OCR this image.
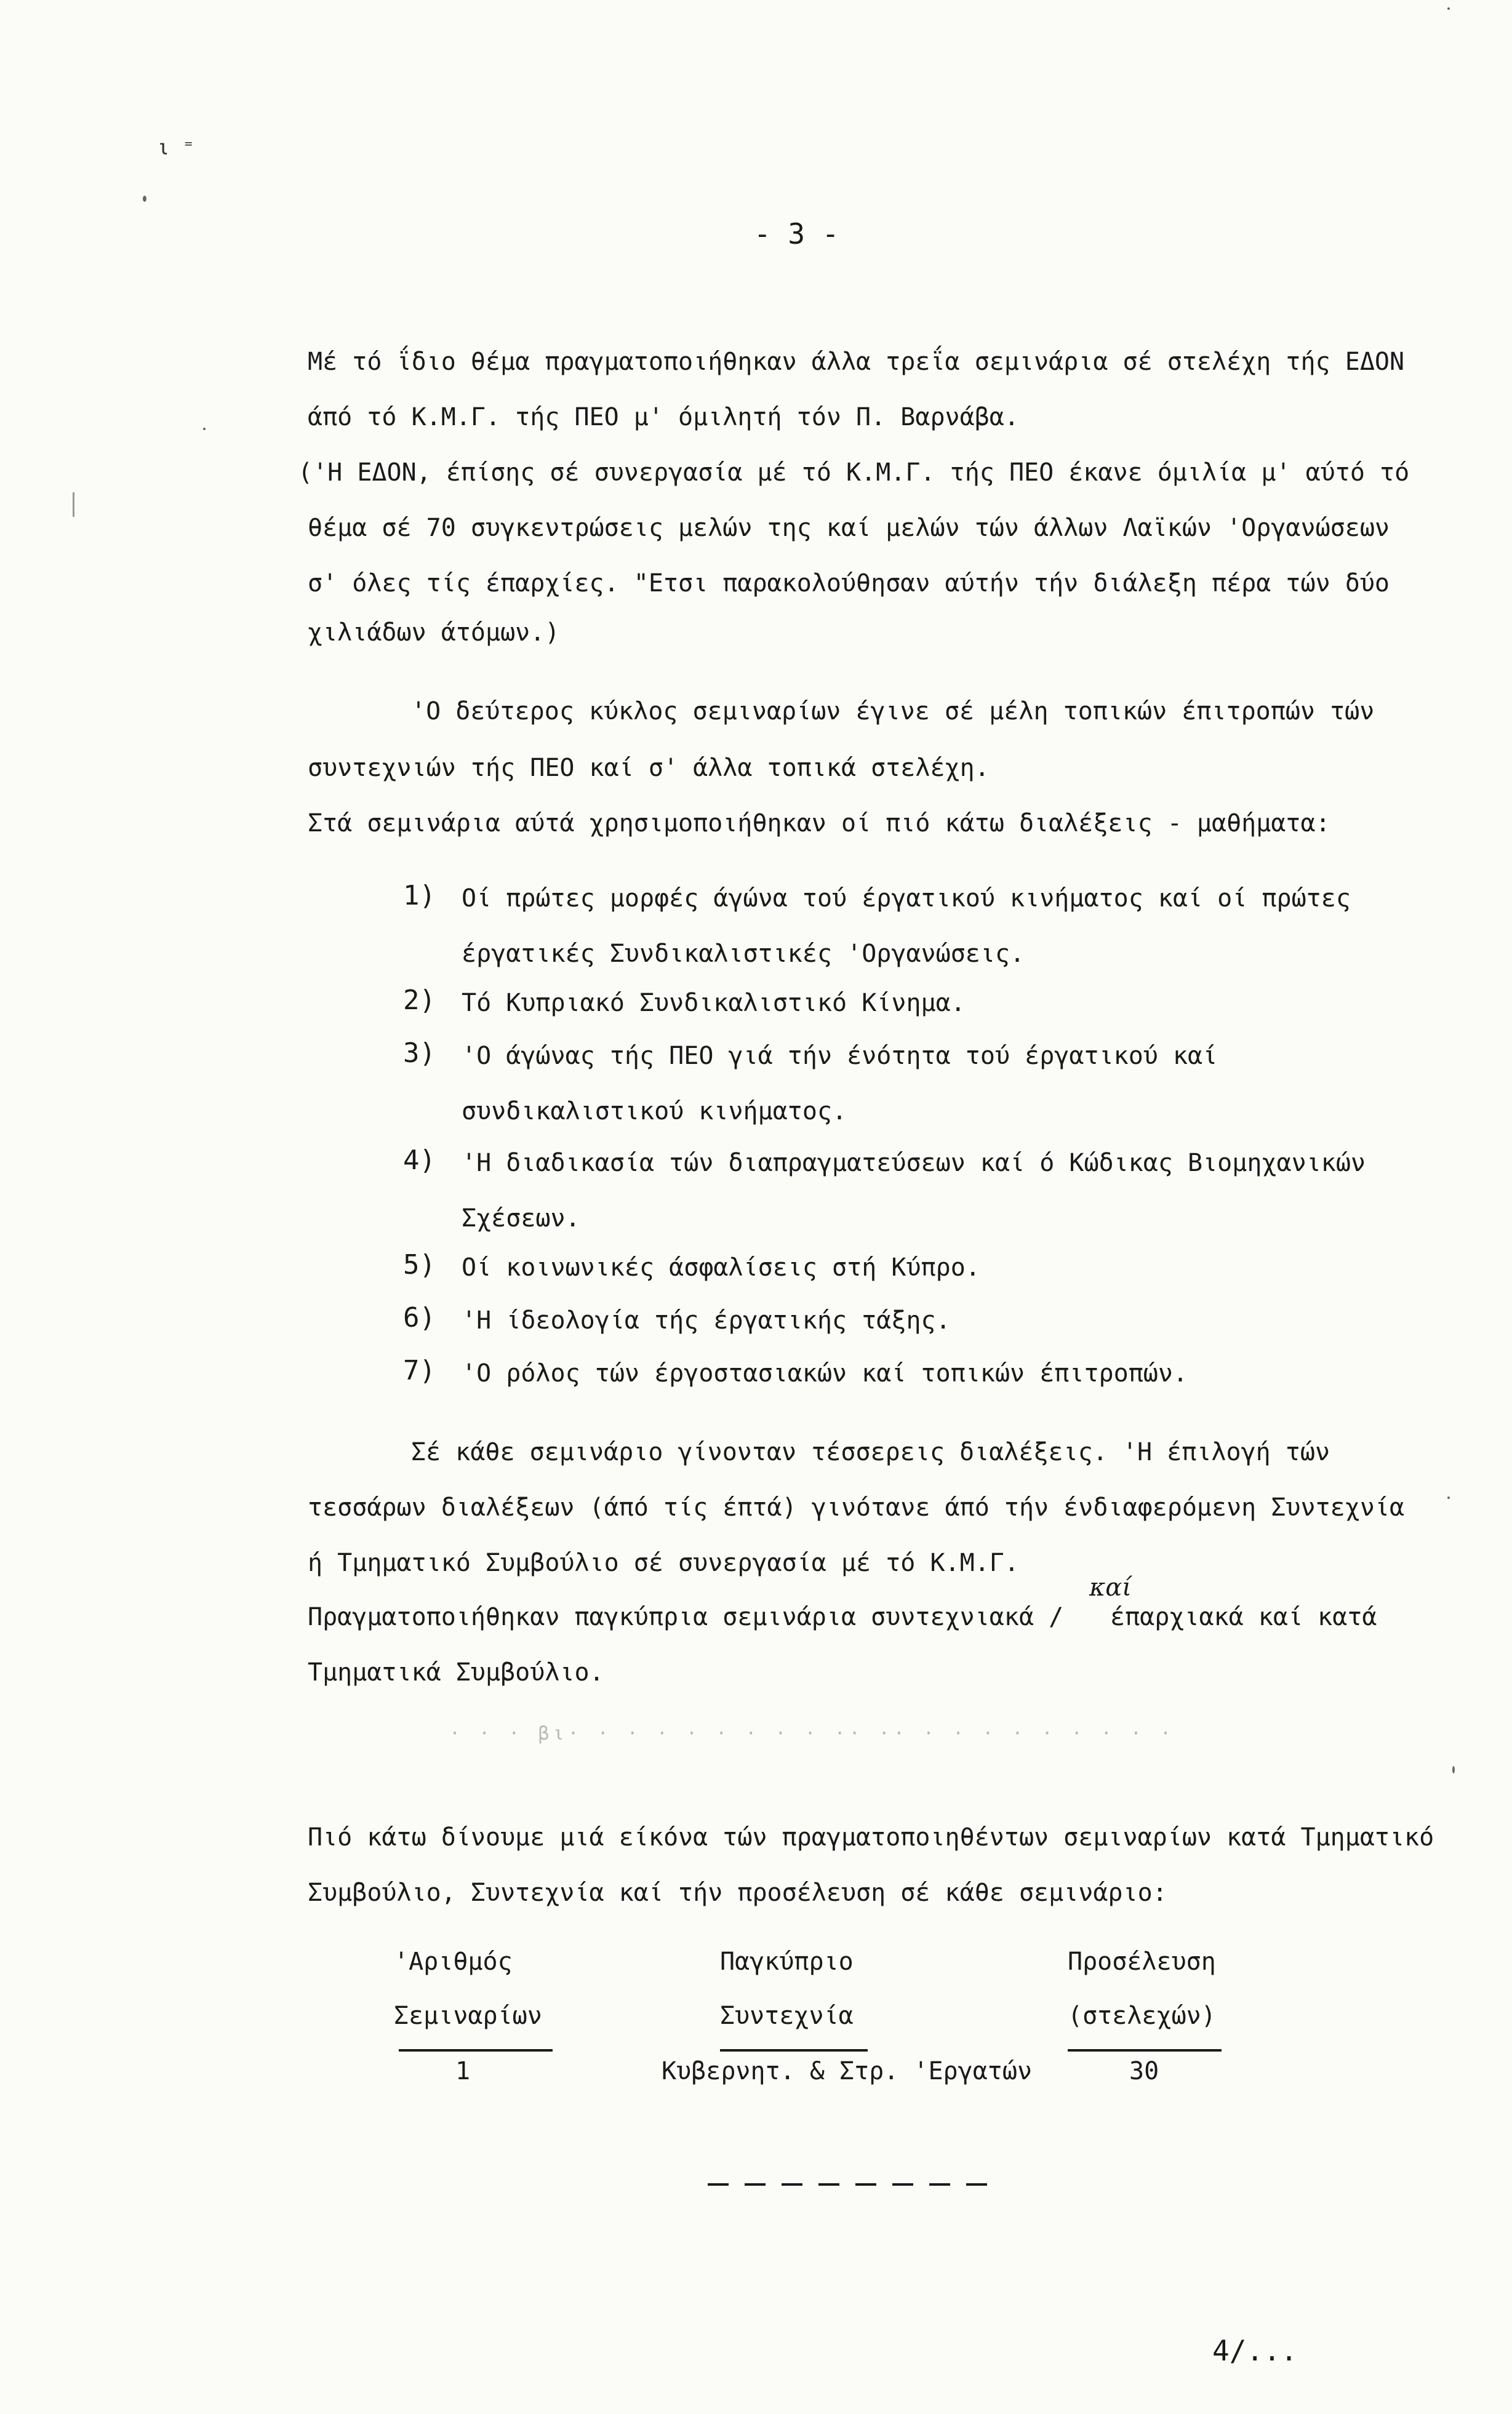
ι ⁼
- 3 -
Μέ τό ΐδιο θέμα πραγματοποιήθηκαν άλλα τρεΐα σεμινάρια σέ στελέχη τής ΕΔΟΝ
άπό τό Κ.Μ.Γ. τής ΠΕΟ μ' όμιλητή τόν Π. Βαρνάβα.
('Η ΕΔΟΝ, έπίσης σέ συνεργασία μέ τό Κ.Μ.Γ. τής ΠΕΟ έκανε όμιλία μ' αύτό τό
θέμα σέ 70 συγκεντρώσεις μελών της καί μελών τών άλλων Λαϊκών 'Οργανώσεων
σ' όλες τίς έπαρχίες. "Ετσι παρακολούθησαν αύτήν τήν διάλεξη πέρα τών δύο
χιλιάδων άτόμων.)
'Ο δεύτερος κύκλος σεμιναρίων έγινε σέ μέλη τοπικών έπιτροπών τών
συντεχνιών τής ΠΕΟ καί σ' άλλα τοπικά στελέχη.
Στά σεμινάρια αύτά χρησιμοποιήθηκαν οί πιό κάτω διαλέξεις - μαθήματα:
1) Οί πρώτες μορφές άγώνα τού έργατικού κινήματος καί οί πρώτες
έργατικές Συνδικαλιστικές 'Οργανώσεις.
2) Τό Κυπριακό Συνδικαλιστικό Κίνημα.
3) 'Ο άγώνας τής ΠΕΟ γιά τήν ένότητα τού έργατικού καί
συνδικαλιστικού κινήματος.
4) 'Η διαδικασία τών διαπραγματεύσεων καί ό Κώδικας Βιομηχανικών
Σχέσεων.
5) Οί κοινωνικές άσφαλίσεις στή Κύπρο.
6) 'Η ίδεολογία τής έργατικής τάξης.
7) 'Ο ρόλος τών έργοστασιακών καί τοπικών έπιτροπών.
Σέ κάθε σεμινάριο γίνονταν τέσσερεις διαλέξεις. 'Η έπιλογή τών
τεσσάρων διαλέξεων (άπό τίς έπτά) γινότανε άπό τήν ένδιαφερόμενη Συντεχνία
ή Τμηματικό Συμβούλιο σέ συνεργασία μέ τό Κ.Μ.Γ.
καί
Πραγματοποιήθηκαν παγκύπρια σεμινάρια συντεχνιακά / έπαρχιακά καί κατά
Τμηματικά Συμβούλιο.
· · · βι· · · · · · · · · ·· ·· · · · · · · · · ·
Πιό κάτω δίνουμε μιά είκόνα τών πραγματοποιηθέντων σεμιναρίων κατά Τμηματικό
Συμβούλιο, Συντεχνία καί τήν προσέλευση σέ κάθε σεμινάριο:
'Αριθμός
Σεμιναρίων
Παγκύπριο
Συντεχνία
Προσέλευση
(στελεχών)
1	Κυβερνητ. & Στρ. 'Εργατών	30
4/...
